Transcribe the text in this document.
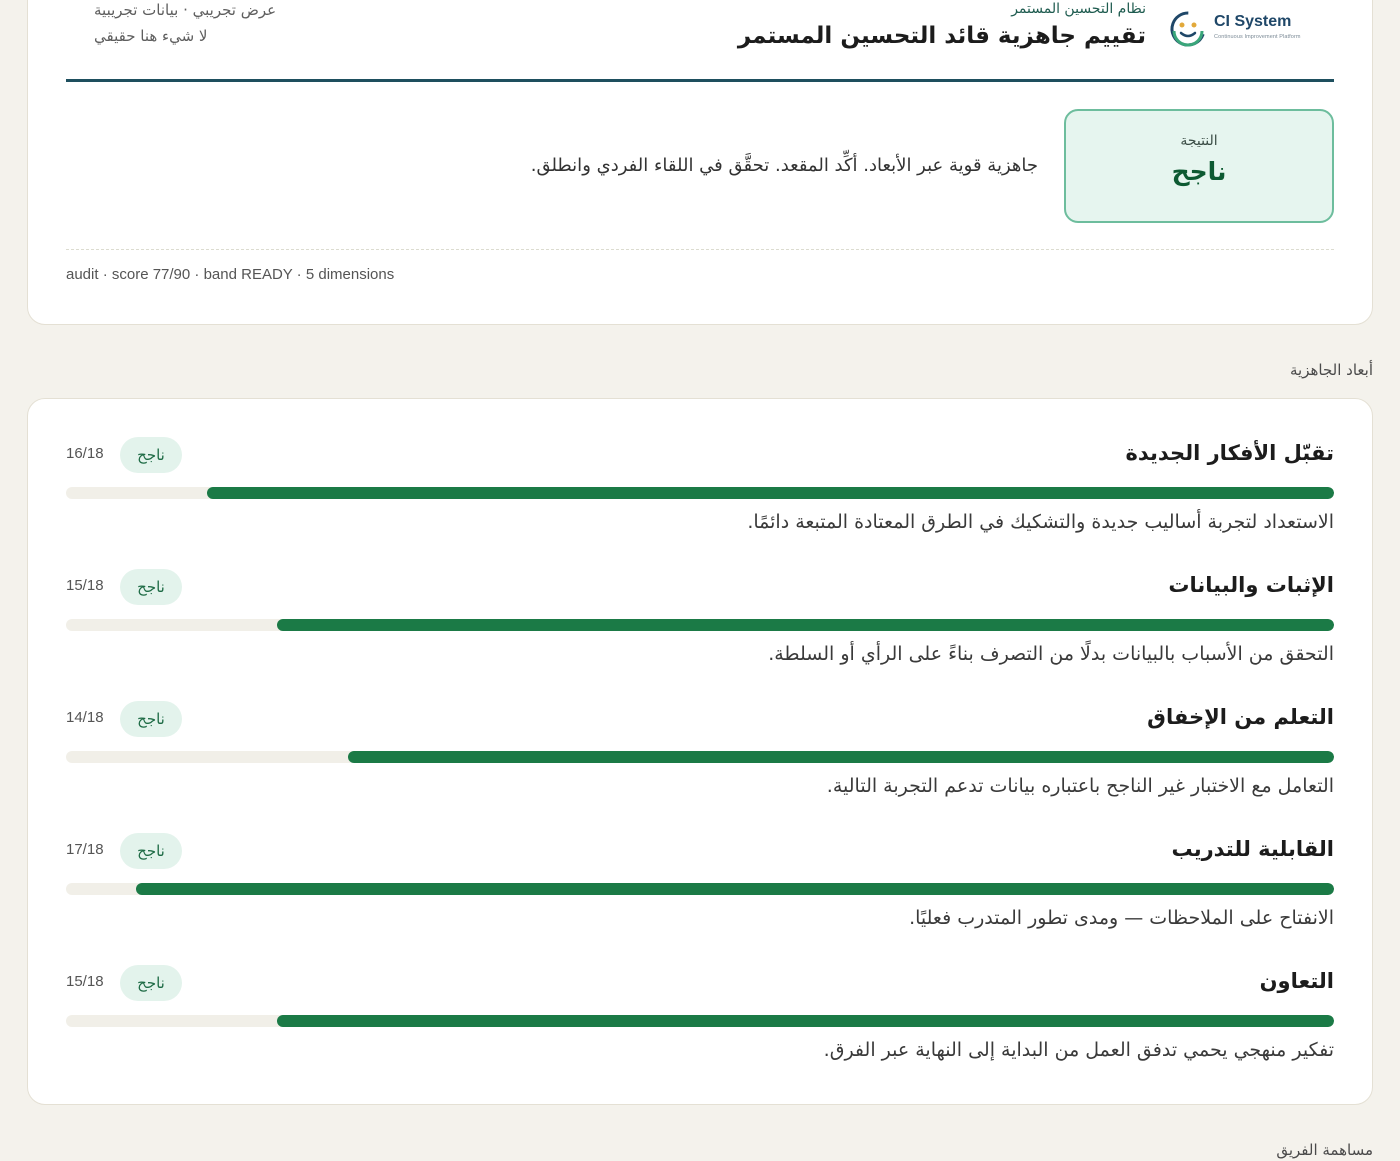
CI System
Continuous Improvement Platform
نظام التحسين المستمر
تقييم جاهزية قائد التحسين المستمر
عرض تجريبي · بيانات تجريبية
لا شيء هنا حقيقي
النتيجة
ناجح
جاهزية قوية عبر الأبعاد. أكِّد المقعد. تحقَّق في اللقاء الفردي وانطلق.
audit · score 77/90 · band READY · 5 dimensions
أبعاد الجاهزية
تقبّل الأفكار الجديدة
ناجح
16/18
الاستعداد لتجربة أساليب جديدة والتشكيك في الطرق المعتادة المتبعة دائمًا.
الإثبات والبيانات
ناجح
15/18
التحقق من الأسباب بالبيانات بدلًا من التصرف بناءً على الرأي أو السلطة.
التعلم من الإخفاق
ناجح
14/18
التعامل مع الاختبار غير الناجح باعتباره بيانات تدعم التجربة التالية.
القابلية للتدريب
ناجح
17/18
الانفتاح على الملاحظات — ومدى تطور المتدرب فعليًا.
التعاون
ناجح
15/18
تفكير منهجي يحمي تدفق العمل من البداية إلى النهاية عبر الفرق.
مساهمة الفريق
